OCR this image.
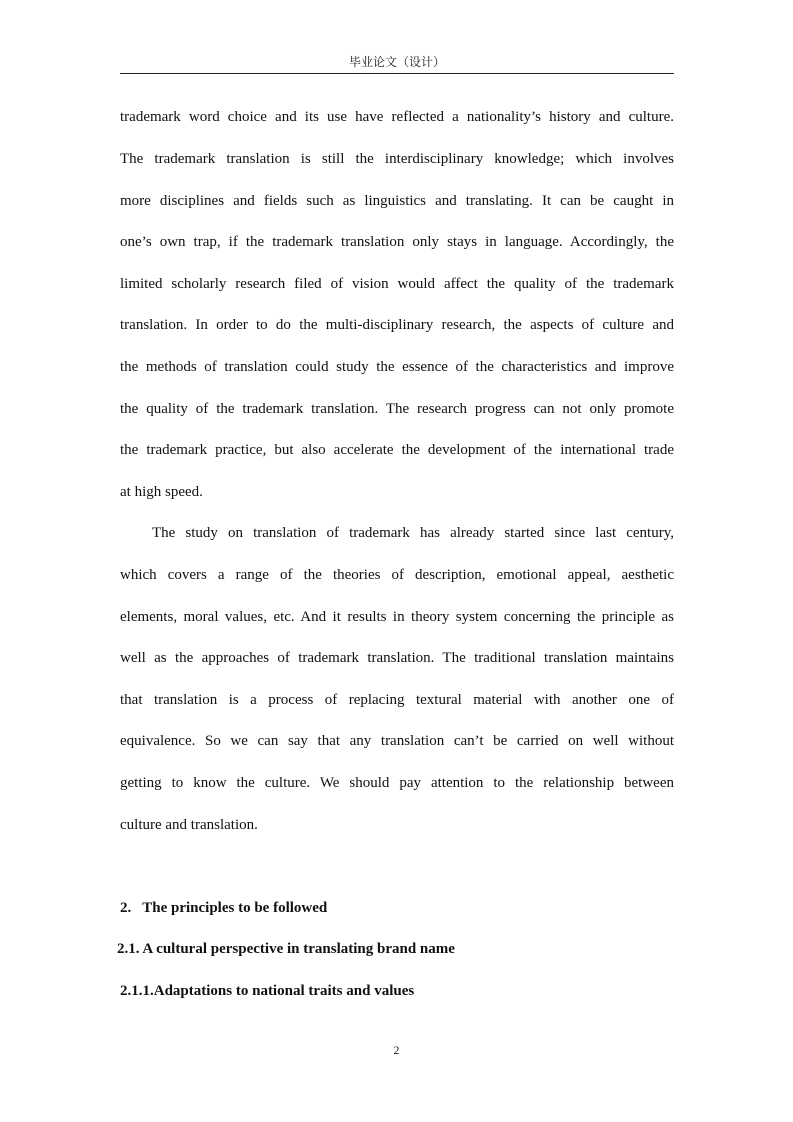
毕业论文（设计）
trademark word choice and its use have reflected a nationality’s history and culture.
The trademark translation is still the interdisciplinary knowledge; which involves
more disciplines and fields such as linguistics and translating. It can be caught in
one’s own trap, if the trademark translation only stays in language. Accordingly, the
limited scholarly research filed of vision would affect the quality of the trademark
translation. In order to do the multi-disciplinary research, the aspects of culture and
the methods of translation could study the essence of the characteristics and improve
the quality of the trademark translation. The research progress can not only promote
the trademark practice, but also accelerate the development of the international trade
at high speed.
The study on translation of trademark has already started since last century,
which covers a range of the theories of description, emotional appeal, aesthetic
elements, moral values, etc. And it results in theory system concerning the principle as
well as the approaches of trademark translation. The traditional translation maintains
that translation is a process of replacing textural material with another one of
equivalence. So we can say that any translation can’t be carried on well without
getting to know the culture. We should pay attention to the relationship between
culture and translation.
2.   The principles to be followed
2.1. A cultural perspective in translating brand name
2.1.1.Adaptations to national traits and values
2
